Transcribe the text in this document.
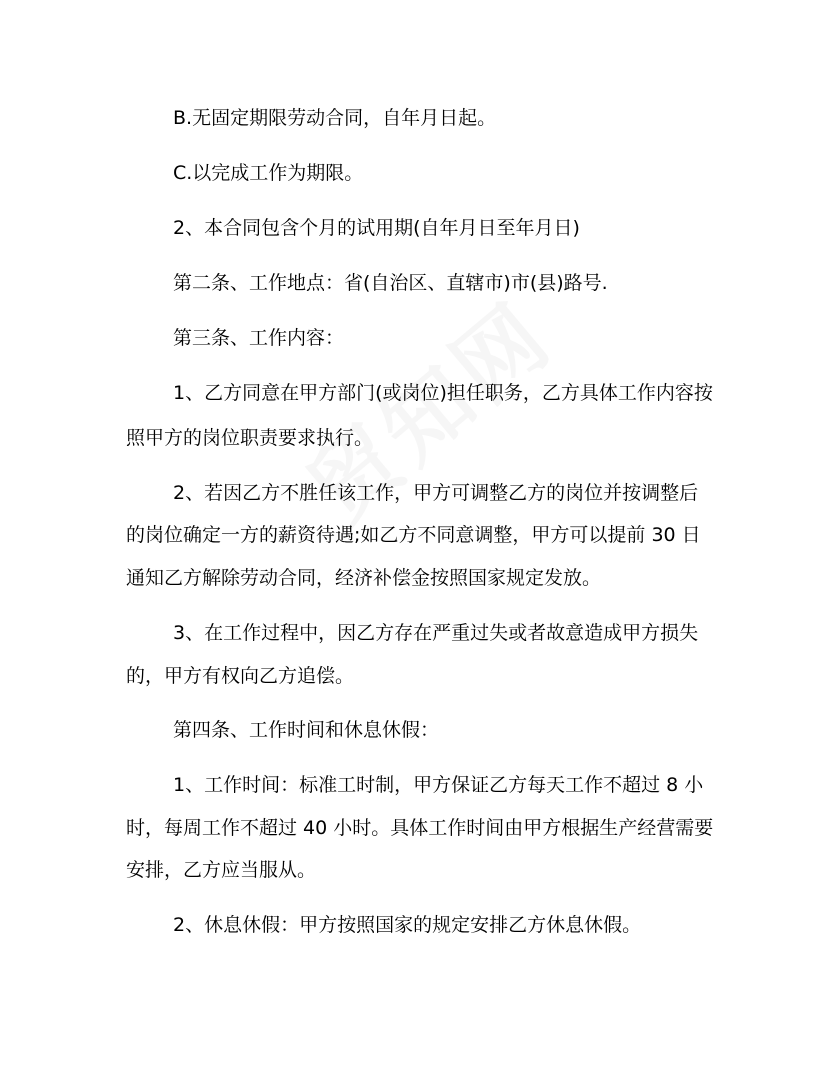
B.无固定期限劳动合同，自年月日起。

C.以完成工作为期限。

2、本合同包含个月的试用期(自年月日至年月日)

第二条、工作地点：省(自治区、直辖市)市(县)路号.

第三条、工作内容：

1、乙方同意在甲方部门(或岗位)担任职务，乙方具体工作内容按

照甲方的岗位职责要求执行。

2、若因乙方不胜任该工作，甲方可调整乙方的岗位并按调整后

的岗位确定一方的薪资待遇;如乙方不同意调整，甲方可以提前 30 日

通知乙方解除劳动合同，经济补偿金按照国家规定发放。

3、在工作过程中，因乙方存在严重过失或者故意造成甲方损失

的，甲方有权向乙方追偿。

第四条、工作时间和休息休假：

1、工作时间：标准工时制，甲方保证乙方每天工作不超过 8 小

时，每周工作不超过 40 小时。具体工作时间由甲方根据生产经营需要

安排，乙方应当服从。

2、休息休假：甲方按照国家的规定安排乙方休息休假。
